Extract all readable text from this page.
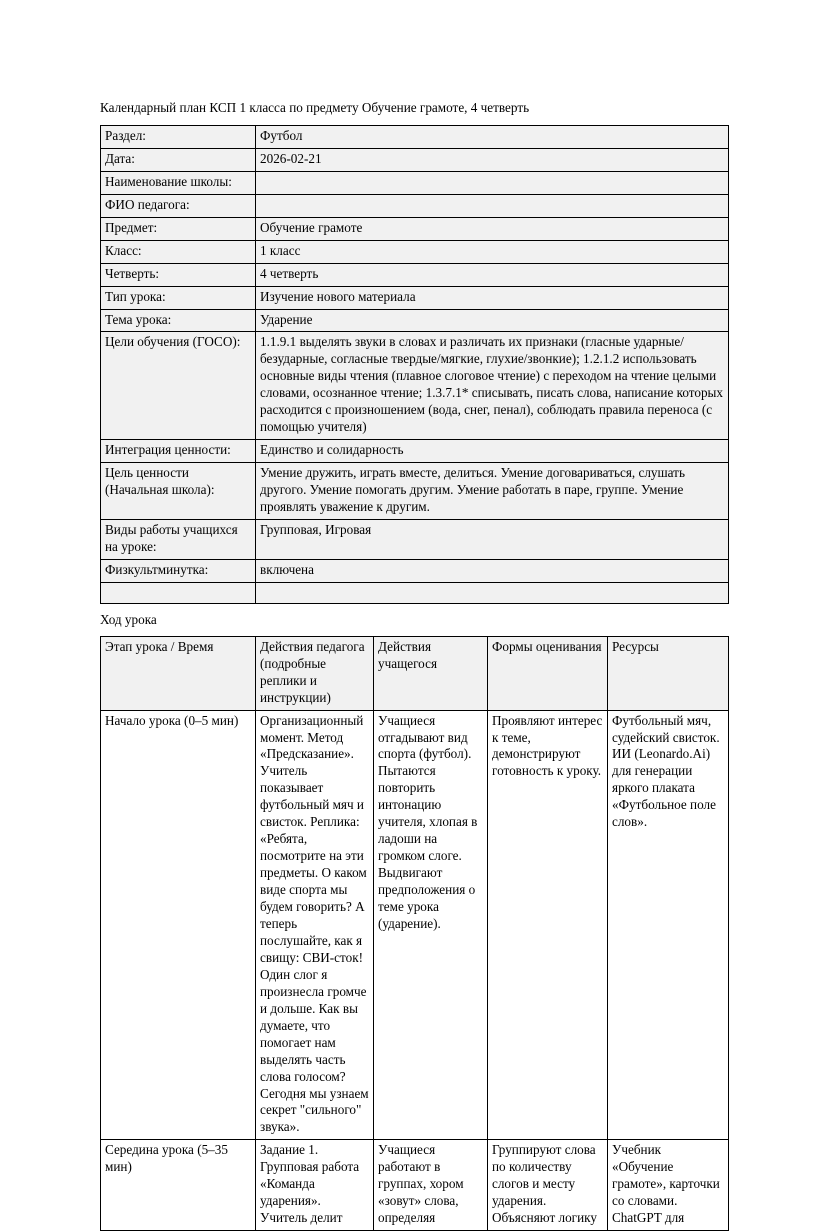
Календарный план КСП 1 класса по предмету Обучение грамоте, 4 четверть
Раздел:	Футбол
Дата:	2026-02-21
Наименование школы:	
ФИО педагога:	
Предмет:	Обучение грамоте
Класс:	1 класс
Четверть:	4 четверть
Тип урока:	Изучение нового материала
Тема урока:	Ударение
Цели обучения (ГОСО):	1.1.9.1 выделять звуки в словах и различать их признаки (гласные ударные/безударные, согласные твердые/мягкие, глухие/звонкие); 1.2.1.2 использовать основные виды чтения (плавное слоговое чтение) с переходом на чтение целыми словами, осознанное чтение; 1.3.7.1* списывать, писать слова, написание которых расходится с произношением (вода, снег, пенал), соблюдать правила переноса (с помощью учителя)
Интеграция ценности:	Единство и солидарность
Цель ценности (Начальная школа):	Умение дружить, играть вместе, делиться. Умение договариваться, слушать другого. Умение помогать другим. Умение работать в паре, группе. Умение проявлять уважение к другим.
Виды работы учащихся на уроке:	Групповая, Игровая
Физкультминутка:	включена

Ход урока
Этап урока / Время	Действия педагога (подробные реплики и инструкции)	Действия учащегося	Формы оценивания	Ресурсы
Начало урока (0–5 мин)	Организационный момент. Метод «Предсказание». Учитель показывает футбольный мяч и свисток. Реплика: «Ребята, посмотрите на эти предметы. О каком виде спорта мы будем говорить? А теперь послушайте, как я свищу: СВИ-сток! Один слог я произнесла громче и дольше. Как вы думаете, что помогает нам выделять часть слова голосом? Сегодня мы узнаем секрет "сильного" звука».	Учащиеся отгадывают вид спорта (футбол). Пытаются повторить интонацию учителя, хлопая в ладоши на громком слоге. Выдвигают предположения о теме урока (ударение).	Проявляют интерес к теме, демонстрируют готовность к уроку.	Футбольный мяч, судейский свисток. ИИ (Leonardo.Ai) для генерации яркого плаката «Футбольное поле слов».
Середина урока (5–35 мин)	Задание 1. Групповая работа «Команда ударения». Учитель делит	Учащиеся работают в группах, хором «зовут» слова, определяя	Группируют слова по количеству слогов и месту ударения. Объясняют логику	Учебник «Обучение грамоте», карточки со словами. ChatGPT для
